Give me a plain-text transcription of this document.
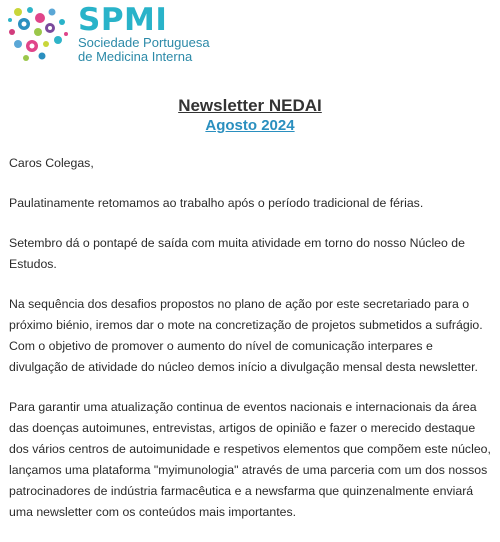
SPMI
Sociedade Portuguesa
de Medicina Interna
Newsletter NEDAI
Agosto 2024

Caros Colegas,

Paulatinamente retomamos ao trabalho após o período tradicional de férias.

Setembro dá o pontapé de saída com muita atividade em torno do nosso Núcleo de Estudos.

Na sequência dos desafios propostos no plano de ação por este secretariado para o próximo biénio, iremos dar o mote na concretização de projetos submetidos a sufrágio. Com o objetivo de promover o aumento do nível de comunicação interpares e divulgação de atividade do núcleo demos início a divulgação mensal desta newsletter.

Para garantir uma atualização continua de eventos nacionais e internacionais da área das doenças autoimunes, entrevistas, artigos de opinião e fazer o merecido destaque dos vários centros de autoimunidade e respetivos elementos que compõem este núcleo, lançamos uma plataforma "myimunologia" através de uma parceria com um dos nossos patrocinadores de indústria farmacêutica e a newsfarma que quinzenalmente enviará uma newsletter com os conteúdos mais importantes.
